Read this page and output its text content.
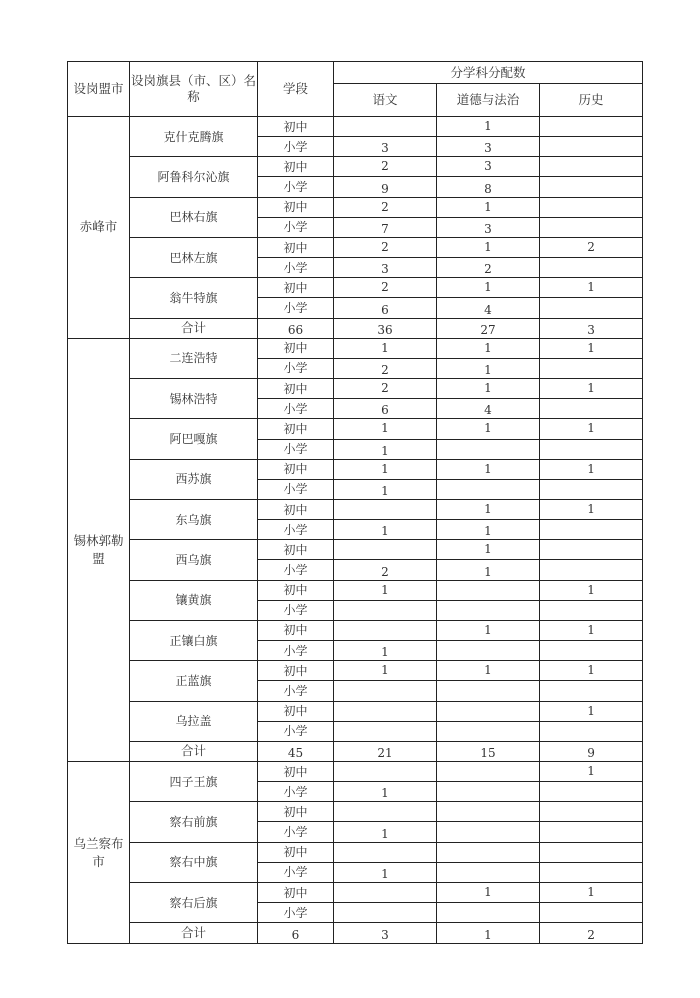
设岗盟市	设岗旗县（市、区）名称	学段	分学科分配数		
			语文	道德与法治	历史
赤峰市	克什克腾旗	初中		1	
		小学	3	3	
	阿鲁科尔沁旗	初中	2	3	
		小学	9	8	
	巴林右旗	初中	2	1	
		小学	7	3	
	巴林左旗	初中	2	1	2
		小学	3	2	
	翁牛特旗	初中	2	1	1
		小学	6	4	
	合计	66	36	27	3
锡林郭勒盟	二连浩特	初中	1	1	1
		小学	2	1	
	锡林浩特	初中	2	1	1
		小学	6	4	
	阿巴嘎旗	初中	1	1	1
		小学	1		
	西苏旗	初中	1	1	1
		小学	1		
	东乌旗	初中		1	1
		小学	1	1	
	西乌旗	初中		1	
		小学	2	1	
	镶黄旗	初中	1		1
		小学			
	正镶白旗	初中		1	1
		小学	1		
	正蓝旗	初中	1	1	1
		小学			
	乌拉盖	初中			1
		小学			
	合计	45	21	15	9
乌兰察布市	四子王旗	初中			1
		小学	1		
	察右前旗	初中			
		小学	1		
	察右中旗	初中			
		小学	1		
	察右后旗	初中		1	1
		小学			
	合计	6	3	1	2
